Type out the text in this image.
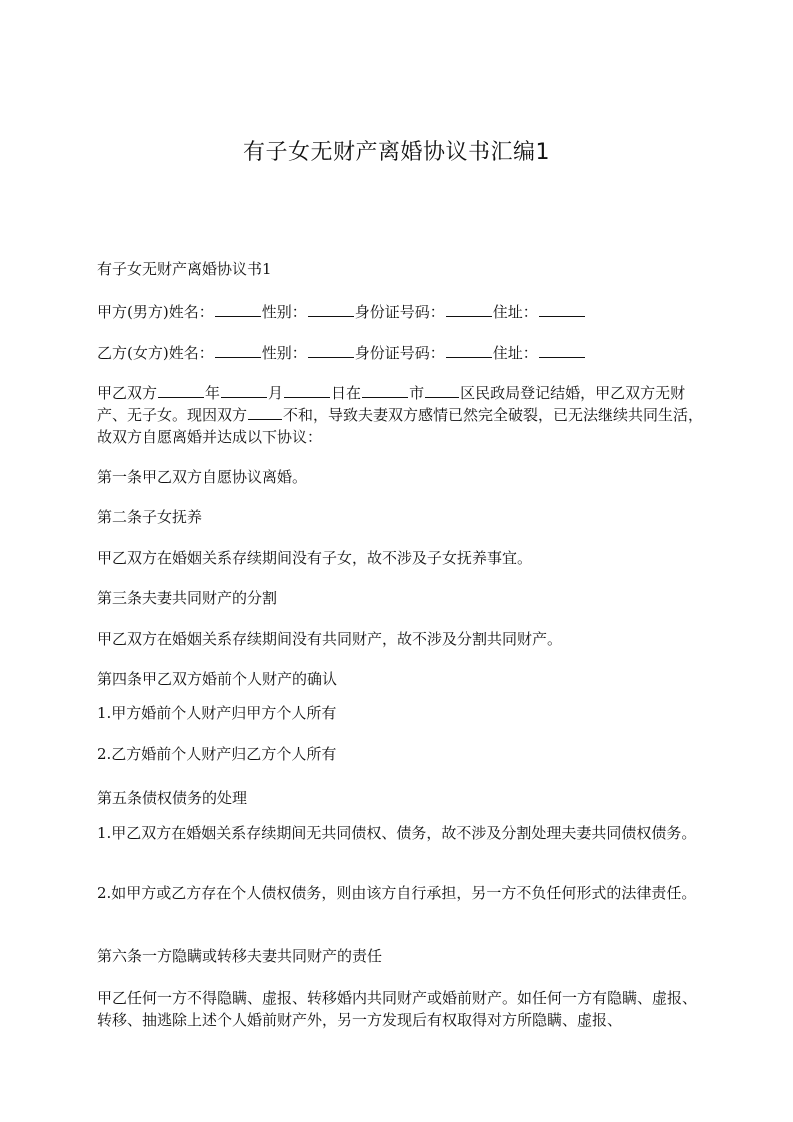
有子女无财产离婚协议书汇编1

有子女无财产离婚协议书1

甲方(男方)姓名：	性别：	身份证号码：	住址：

乙方(女方)姓名：	性别：	身份证号码：	住址：

甲乙双方	年	月	日在	市 区民政局登记结婚，甲乙双方无财产、无子女。现因双方 不和，导致夫妻双方感情已然完全破裂，已无法继续共同生活，故双方自愿离婚并达成以下协议：

第一条甲乙双方自愿协议离婚。

第二条子女抚养

甲乙双方在婚姻关系存续期间没有子女，故不涉及子女抚养事宜。

第三条夫妻共同财产的分割

甲乙双方在婚姻关系存续期间没有共同财产，故不涉及分割共同财产。

第四条甲乙双方婚前个人财产的确认

1.甲方婚前个人财产归甲方个人所有

2.乙方婚前个人财产归乙方个人所有

第五条债权债务的处理

1.甲乙双方在婚姻关系存续期间无共同债权、债务，故不涉及分割处理夫妻共同债权债务。

2.如甲方或乙方存在个人债权债务，则由该方自行承担，另一方不负任何形式的法律责任。

第六条一方隐瞒或转移夫妻共同财产的责任

甲乙任何一方不得隐瞒、虚报、转移婚内共同财产或婚前财产。如任何一方有隐瞒、虚报、转移、抽逃除上述个人婚前财产外，另一方发现后有权取得对方所隐瞒、虚报、
